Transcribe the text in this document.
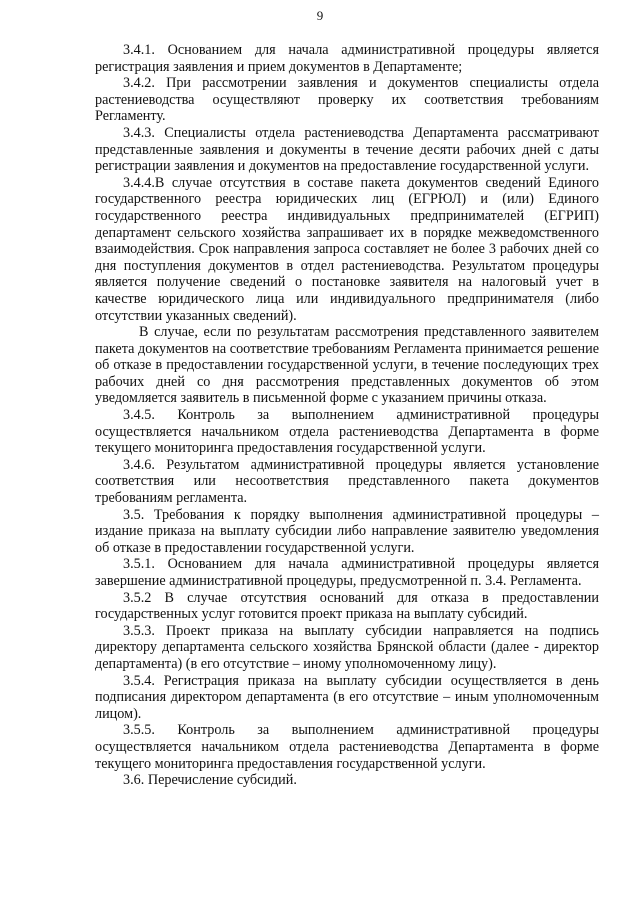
9

3.4.1. Основанием для начала административной процедуры является регистрация заявления и прием документов в Департаменте;

3.4.2. При рассмотрении заявления и документов специалисты отдела растениеводства осуществляют проверку их соответствия требованиям Регламенту.

3.4.3. Специалисты отдела растениеводства Департамента рассматривают представленные заявления и документы в течение десяти рабочих дней с даты регистрации заявления и документов на предоставление государственной услуги.

3.4.4.В случае отсутствия в составе пакета документов сведений Единого государственного реестра юридических лиц (ЕГРЮЛ) и (или) Единого государственного реестра индивидуальных предпринимателей (ЕГРИП) департамент сельского хозяйства запрашивает их в порядке межведомственного взаимодействия. Срок направления запроса составляет не более 3 рабочих дней со дня поступления документов в отдел растениеводства. Результатом процедуры является получение сведений о постановке заявителя на налоговый учет в качестве юридического лица или индивидуального предпринимателя (либо отсутствии указанных сведений).

В случае, если по результатам рассмотрения представленного заявителем пакета документов на соответствие требованиям Регламента принимается решение об отказе в предоставлении государственной услуги, в течение последующих трех рабочих дней со дня рассмотрения представленных документов об этом уведомляется заявитель в письменной форме с указанием причины отказа.

3.4.5. Контроль за выполнением административной процедуры осуществляется начальником отдела растениеводства Департамента в форме текущего мониторинга предоставления государственной услуги.

3.4.6. Результатом административной процедуры является установление соответствия или несоответствия представленного пакета документов требованиям регламента.

3.5. Требования к порядку выполнения административной процедуры – издание приказа на выплату субсидии либо направление заявителю уведомления об отказе в предоставлении государственной услуги.

3.5.1. Основанием для начала административной процедуры является завершение административной процедуры, предусмотренной п. 3.4. Регламента.

3.5.2 В случае отсутствия оснований для отказа в предоставлении государственных услуг готовится проект приказа на выплату субсидий.

3.5.3. Проект приказа на выплату субсидии направляется на подпись директору департамента сельского хозяйства Брянской области (далее - директор департамента) (в его отсутствие – иному уполномоченному лицу).

3.5.4. Регистрация приказа на выплату субсидии осуществляется в день подписания директором департамента (в его отсутствие – иным уполномоченным лицом).

3.5.5. Контроль за выполнением административной процедуры осуществляется начальником отдела растениеводства Департамента в форме текущего мониторинга предоставления государственной услуги.

3.6. Перечисление субсидий.
